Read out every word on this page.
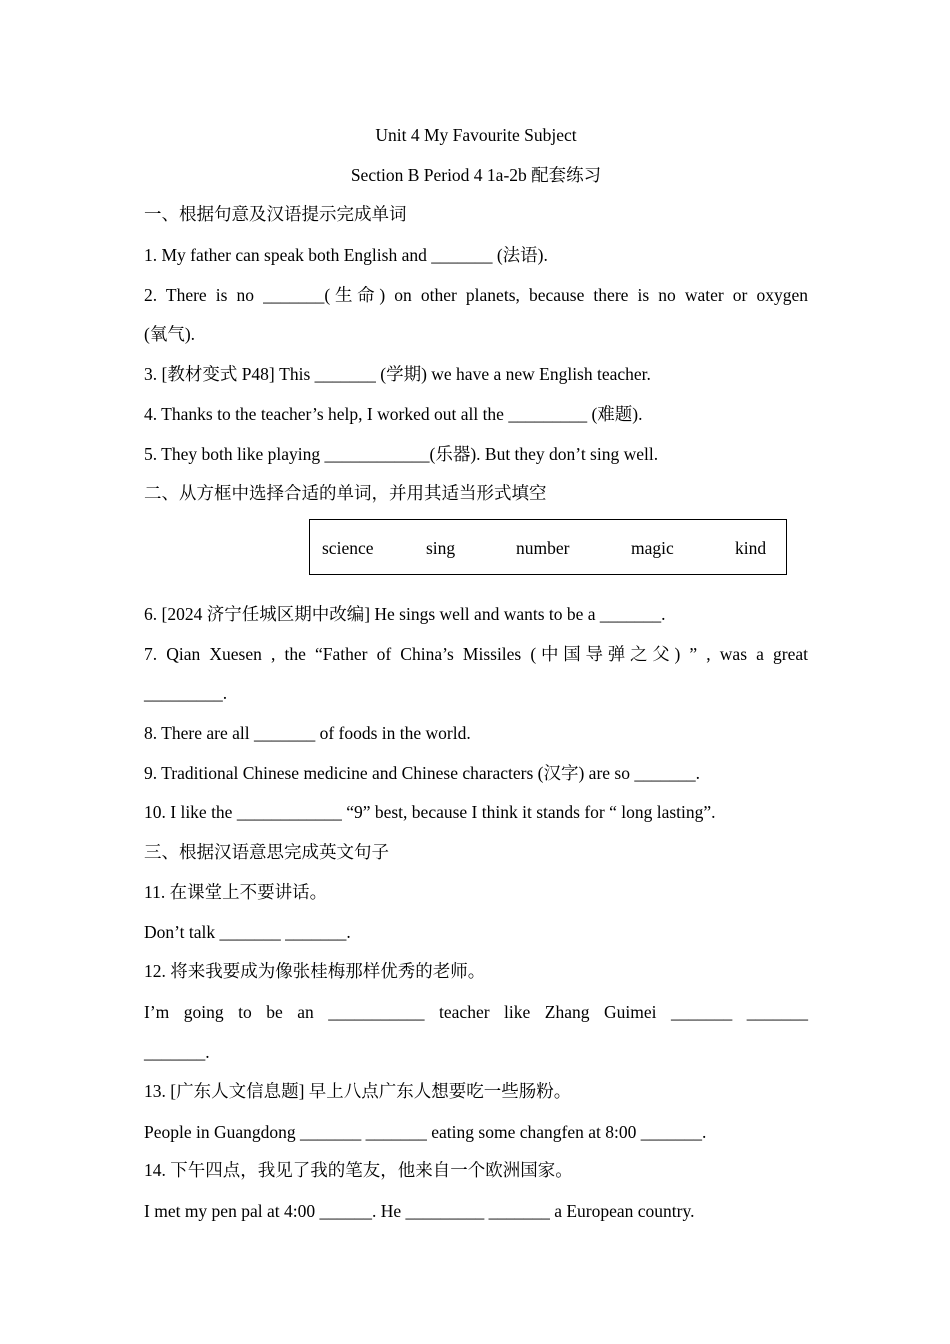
Unit 4 My Favourite Subject
Section B Period 4 1a-2b 配套练习
一、根据句意及汉语提示完成单词
1. My father can speak both English and _______ (法语).
2. There is no _______(生命) on other planets, because there is no water or oxygen
(氧气).
3. [教材变式 P48] This _______ (学期) we have a new English teacher.
4. Thanks to the teacher’s help, I worked out all the _________ (难题).
5. They both like playing ____________(乐器). But they don’t sing well.
二、从方框中选择合适的单词，并用其适当形式填空
science	sing	number	magic	kind
6. [2024 济宁任城区期中改编] He sings well and wants to be a _______.
7. Qian Xuesen , the “Father of China’s Missiles (中国导弹之父) ” , was a great
_________.
8. There are all _______ of foods in the world.
9. Traditional Chinese medicine and Chinese characters (汉字) are so _______.
10. I like the ____________ “9” best, because I think it stands for “ long lasting”.
三、根据汉语意思完成英文句子
11. 在课堂上不要讲话。
Don’t talk _______ _______.
12. 将来我要成为像张桂梅那样优秀的老师。
I’m going to be an ___________ teacher like Zhang Guimei _______ _______
_______.
13. [广东人文信息题] 早上八点广东人想要吃一些肠粉。
People in Guangdong _______ _______ eating some changfen at 8:00 _______.
14. 下午四点，我见了我的笔友，他来自一个欧洲国家。
I met my pen pal at 4:00 ______. He _________ _______ a European country.
